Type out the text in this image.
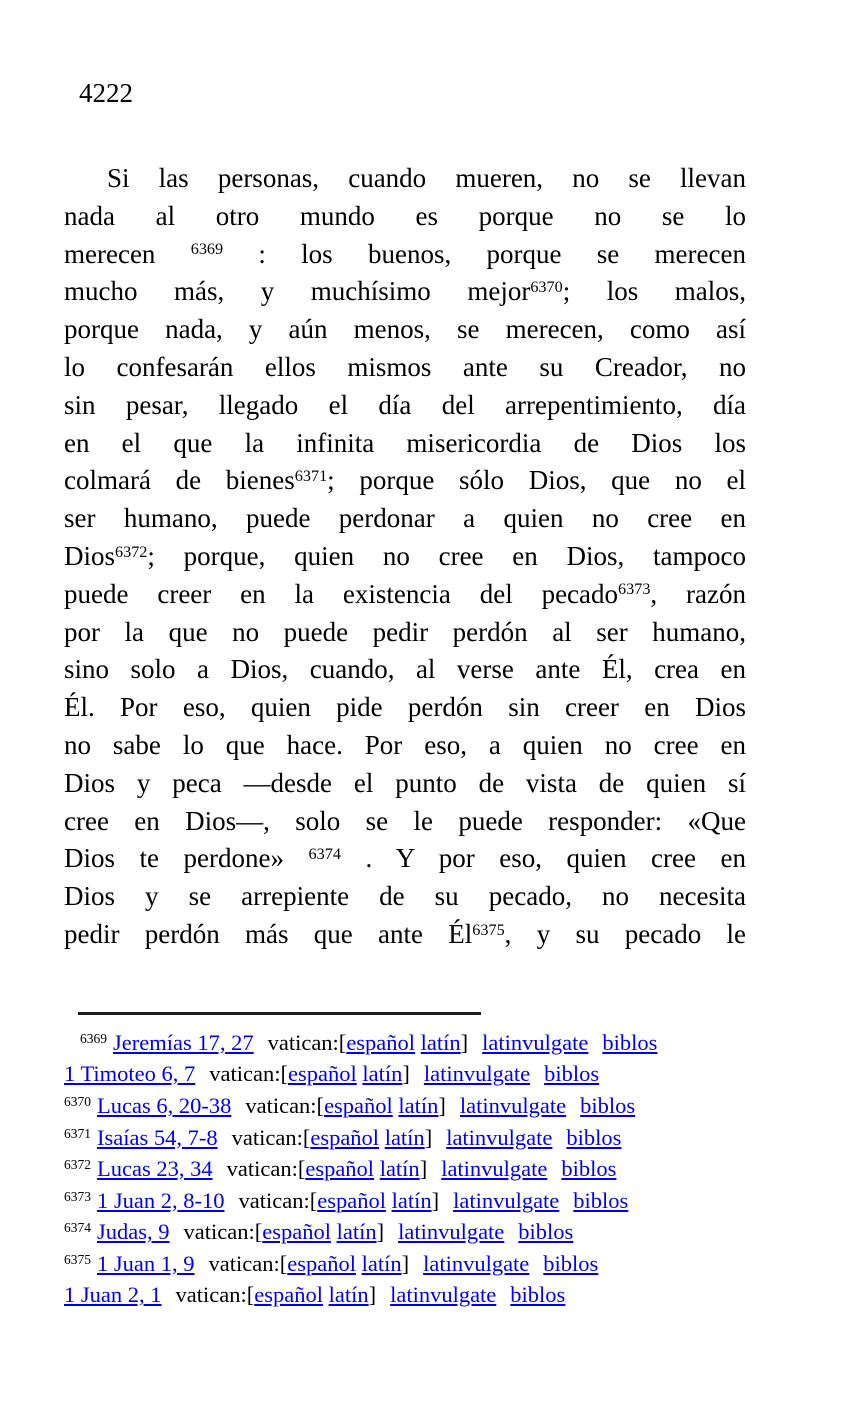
4222
Si las personas, cuando mueren, no se llevan
nada al otro mundo es porque no se lo
merecen $^{6369}$ : los buenos, porque se merecen
mucho más, y muchísimo mejor$^{6370}$; los malos,
porque nada, y aún menos, se merecen, como así
lo confesarán ellos mismos ante su Creador, no
sin pesar, llegado el día del arrepentimiento, día
en el que la infinita misericordia de Dios los
colmará de bienes$^{6371}$; porque sólo Dios, que no el
ser humano, puede perdonar a quien no cree en
Dios$^{6372}$; porque, quien no cree en Dios, tampoco
puede creer en la existencia del pecado$^{6373}$, razón
por la que no puede pedir perdón al ser humano,
sino solo a Dios, cuando, al verse ante Él, crea en
Él. Por eso, quien pide perdón sin creer en Dios
no sabe lo que hace. Por eso, a quien no cree en
Dios y peca —desde el punto de vista de quien sí
cree en Dios—, solo se le puede responder: «Que
Dios te perdone» $^{6374}$ . Y por eso, quien cree en
Dios y se arrepiente de su pecado, no necesita
pedir perdón más que ante $Él^{6375}$, y su pecado le
$^{6369}$ Jeremías 17, 27 vatican:[español latín] latinvulgate biblos
1 Timoteo 6, 7 vatican:[español latín] latinvulgate biblos
$^{6370}$ Lucas 6, 20-38 vatican:[español latín] latinvulgate biblos
$^{6371}$ Isaías 54, 7-8 vatican:[español latín] latinvulgate biblos
$^{6372}$ Lucas 23, 34 vatican:[español latín] latinvulgate biblos
$^{6373}$ 1 Juan 2, 8-10 vatican:[español latín] latinvulgate biblos
$^{6374}$ Judas, 9 vatican:[español latín] latinvulgate biblos
$^{6375}$ 1 Juan 1, 9 vatican:[español latín] latinvulgate biblos
1 Juan 2, 1 vatican:[español latín] latinvulgate biblos
